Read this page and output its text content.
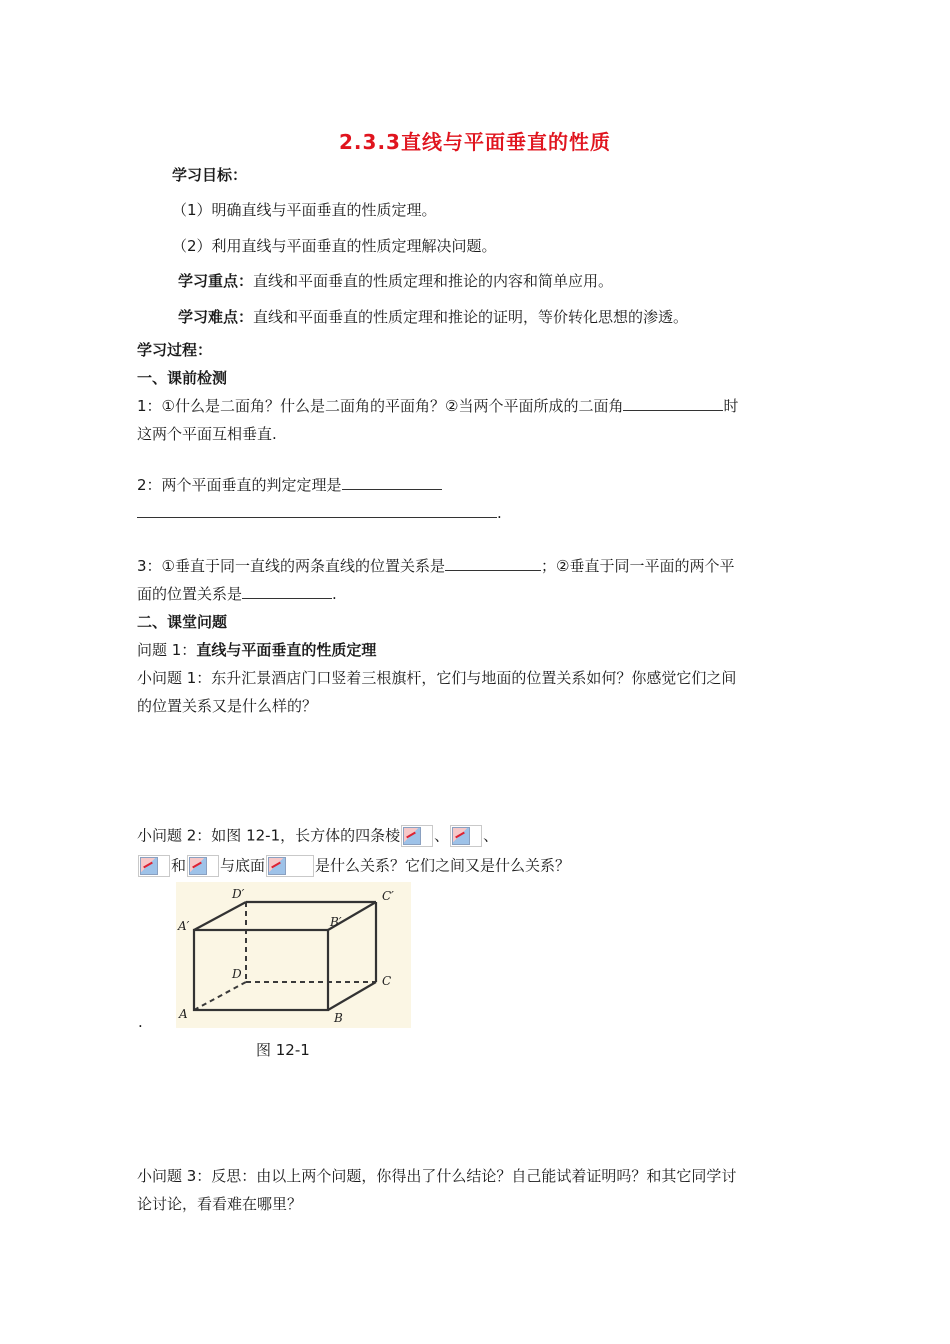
2.3.3直线与平面垂直的性质
学习目标：
（1）明确直线与平面垂直的性质定理。
（2）利用直线与平面垂直的性质定理解决问题。
学习重点：直线和平面垂直的性质定理和推论的内容和简单应用。
学习难点：直线和平面垂直的性质定理和推论的证明，等价转化思想的渗透。
学习过程：
一、课前检测
1：①什么是二面角？什么是二面角的平面角？②当两个平面所成的二面角	时
这两个平面互相垂直.
2：两个平面垂直的判定定理是
.
3：①垂直于同一直线的两条直线的位置关系是	；②垂直于同一平面的两个平
面的位置关系是	.
二、课堂问题
问题 1：直线与平面垂直的性质定理
小问题 1：东升汇景酒店门口竖着三根旗杆，它们与地面的位置关系如何？你感觉它们之间
的位置关系又是什么样的？
小问题 2：如图 12-1，长方体的四条棱 、 、
和 与底面	是什么关系？它们之间又是什么关系？
D′	C′
A′	B′
D	C
A	B
.
图 12-1
小问题 3：反思：由以上两个问题，你得出了什么结论？自己能试着证明吗？和其它同学讨
论讨论，看看难在哪里？
